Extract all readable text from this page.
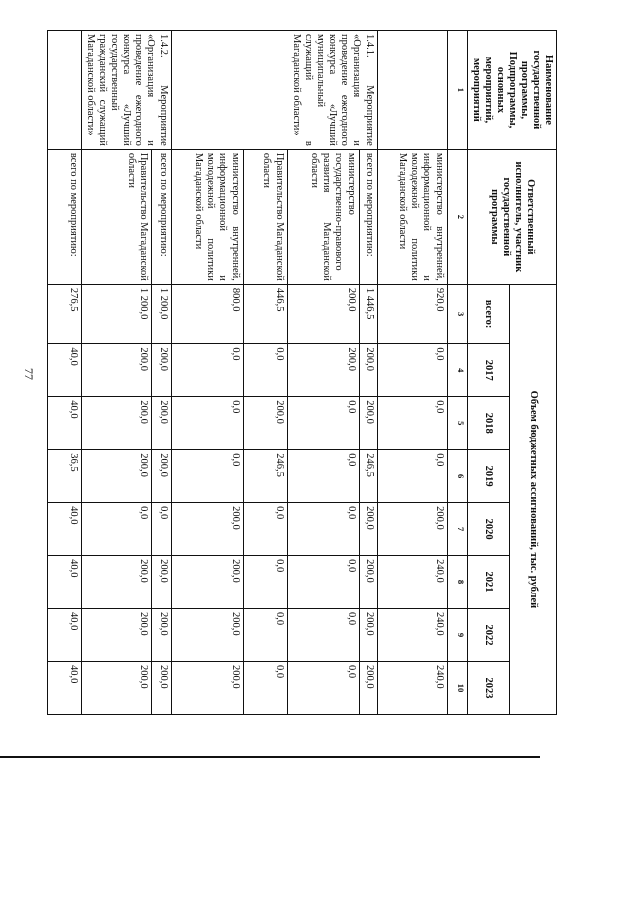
77
Наименование государственной программы, Подпрограммы, основных мероприятий, мероприятий	Ответственный исполнитель, участник государственной программы	Объем бюджетных ассигнований, тыс. рублей							
		всего:	2017	2018	2019	2020	2021	2022	2023
1	2	3	4	5	6	7	8	9	10
	министерство внутренней, информационной и молодежной политики Магаданской области	920,0	0,0	0,0	0,0	200,0	240,0	240,0	240,0
1.4.1. Мероприятие «Организация и проведение ежегодного конкурса «Лучший муниципальный служащий в Магаданской области»	всего по мероприятию:	1 446,5	200,0	200,0	246,5	200,0	200,0	200,0	200,0
	министерство государственно-правового развития Магаданской области	200,0	200,0	0,0	0,0	0,0	0,0	0,0	0,0
	Правительство Магаданской области	446,5	0,0	200,0	246,5	0,0	0,0	0,0	0,0
	министерство внутренней, информационной и молодежной политики Магаданской области	800,0	0,0	0,0	0,0	200,0	200,0	200,0	200,0
1.4.2. Мероприятие «Организация и проведение ежегодного конкурса «Лучший государственный гражданский служащий Магаданской области»	всего по мероприятию:	1 200,0	200,0	200,0	200,0	0,0	200,0	200,0	200,0
	Правительство Магаданской области	1 200,0	200,0	200,0	200,0	0,0	200,0	200,0	200,0
	всего по мероприятию:	276,5	40,0	40,0	36,5	40,0	40,0	40,0	40,0
